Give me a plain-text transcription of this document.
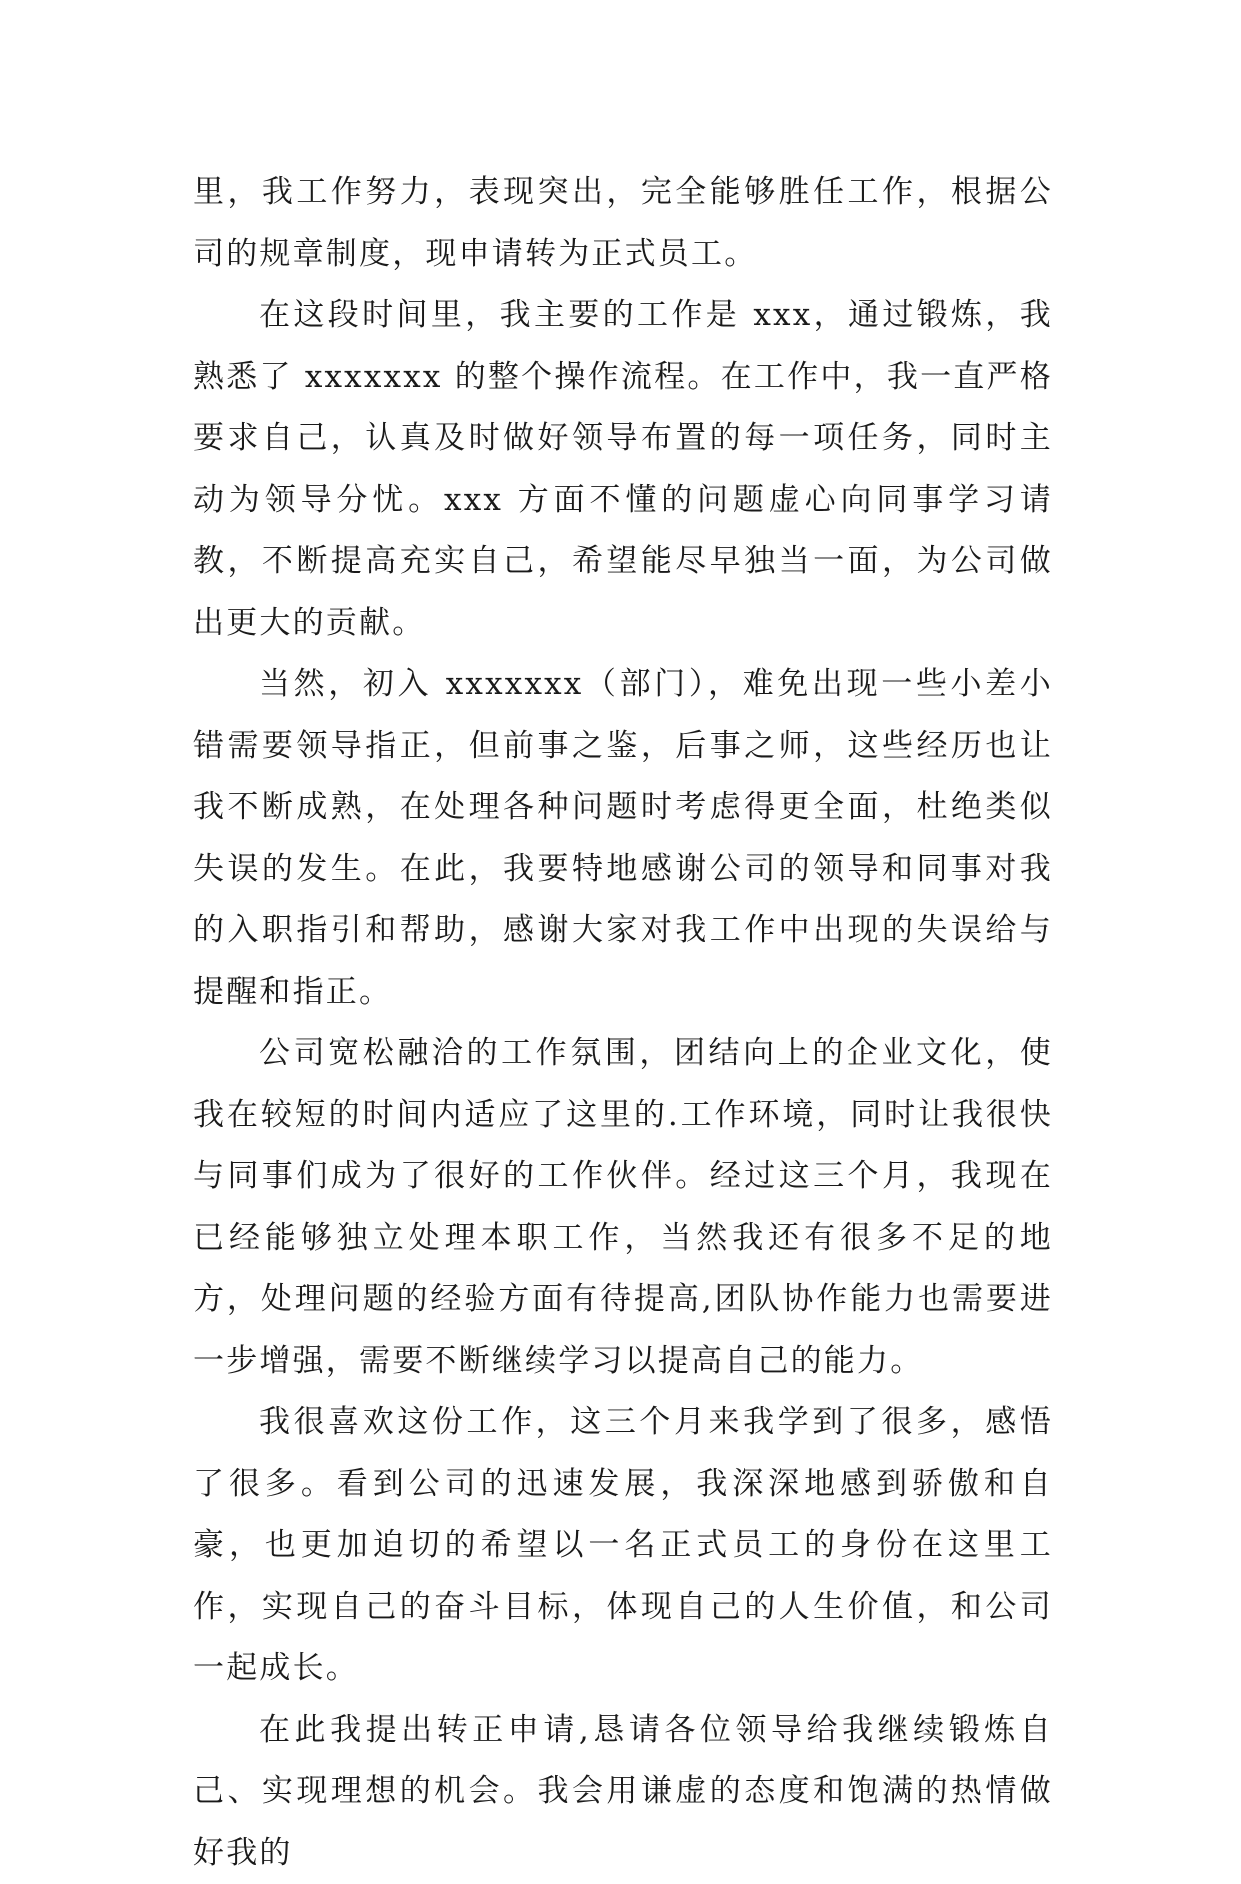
里，我工作努力，表现突出，完全能够胜任工作，根据公司的规章制度，现申请转为正式员工。

在这段时间里，我主要的工作是 xxx，通过锻炼，我熟悉了 xxxxxxx 的整个操作流程。在工作中，我一直严格要求自己，认真及时做好领导布置的每一项任务，同时主动为领导分忧。xxx 方面不懂的问题虚心向同事学习请教，不断提高充实自己，希望能尽早独当一面，为公司做出更大的贡献。

当然，初入 xxxxxxx（部门），难免出现一些小差小错需要领导指正，但前事之鉴，后事之师，这些经历也让我不断成熟，在处理各种问题时考虑得更全面，杜绝类似失误的发生。在此，我要特地感谢公司的领导和同事对我的入职指引和帮助，感谢大家对我工作中出现的失误给与提醒和指正。

公司宽松融洽的工作氛围，团结向上的企业文化，使我在较短的时间内适应了这里的.工作环境，同时让我很快与同事们成为了很好的工作伙伴。经过这三个月，我现在已经能够独立处理本职工作，当然我还有很多不足的地方，处理问题的经验方面有待提高,团队协作能力也需要进一步增强，需要不断继续学习以提高自己的能力。

我很喜欢这份工作，这三个月来我学到了很多，感悟了很多。看到公司的迅速发展，我深深地感到骄傲和自豪，也更加迫切的希望以一名正式员工的身份在这里工作，实现自己的奋斗目标，体现自己的人生价值，和公司一起成长。

在此我提出转正申请,恳请各位领导给我继续锻炼自己、实现理想的机会。我会用谦虚的态度和饱满的热情做好我的
